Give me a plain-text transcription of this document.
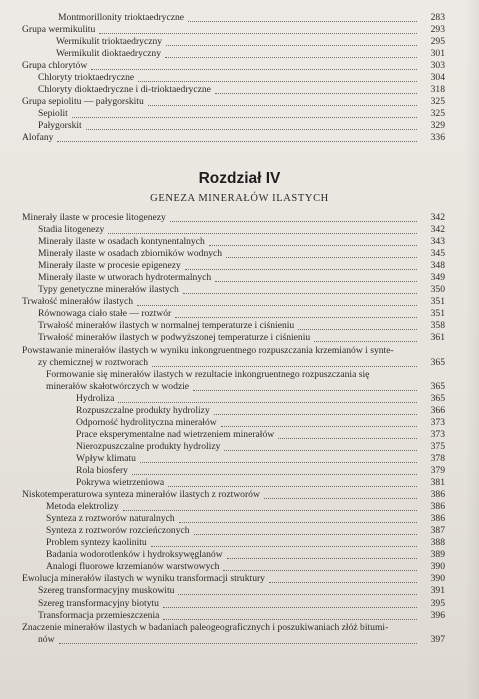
Montmorillonity trioktaedryczne	283
Grupa wermikulitu	293
Wermikulit trioktaedryczny	295
Wermikulit dioktaedryczny	301
Grupa chlorytów	303
Chloryty trioktaedryczne	304
Chloryty dioktaedryczne i di-trioktaedryczne	318
Grupa sepiolitu — pałygorskitu	325
Sepiolit	325
Pałygorskit	329
Alofany	336
Rozdział IV
GENEZA MINERAŁÓW ILASTYCH
Minerały ilaste w procesie litogenezy	342
Stadia litogenezy	342
Minerały ilaste w osadach kontynentalnych	343
Minerały ilaste w osadach zbiorników wodnych	345
Minerały ilaste w procesie epigenezy	348
Minerały ilaste w utworach hydrotermalnych	349
Typy genetyczne minerałów ilastych	350
Trwałość minerałów ilastych	351
Równowaga ciało stałe — roztwór	351
Trwałość minerałów ilastych w normalnej temperaturze i ciśnieniu	358
Trwałość minerałów ilastych w podwyższonej temperaturze i ciśnieniu	361
Powstawanie minerałów ilastych w wyniku inkongruentnego rozpuszczania krzemianów i synte-
zy chemicznej w roztworach	365
Formowanie się minerałów ilastych w rezultacie inkongruentnego rozpuszczania się
minerałów skałotwórczych w wodzie	365
Hydroliza	365
Rozpuszczalne produkty hydrolizy	366
Odporność hydrolityczna minerałów	373
Prace eksperymentalne nad wietrzeniem minerałów	373
Nierozpuszczalne produkty hydrolizy	375
Wpływ klimatu	378
Rola biosfery	379
Pokrywa wietrzeniowa	381
Niskotemperaturowa synteza minerałów ilastych z roztworów	386
Metoda elektrolizy	386
Synteza z roztworów naturalnych	386
Synteza z roztworów rozcieńczonych	387
Problem syntezy kaolinitu	388
Badania wodorotlenków i hydroksywęglanów	389
Analogi fluorowe krzemianów warstwowych	390
Ewolucja minerałów ilastych w wyniku transformacji struktury	390
Szereg transformacyjny muskowitu	391
Szereg transformacyjny biotytu	395
Transformacja przemieszczenia	396
Znaczenie minerałów ilastych w badaniach paleogeograficznych i poszukiwaniach złóż bitumi-
nów	397
